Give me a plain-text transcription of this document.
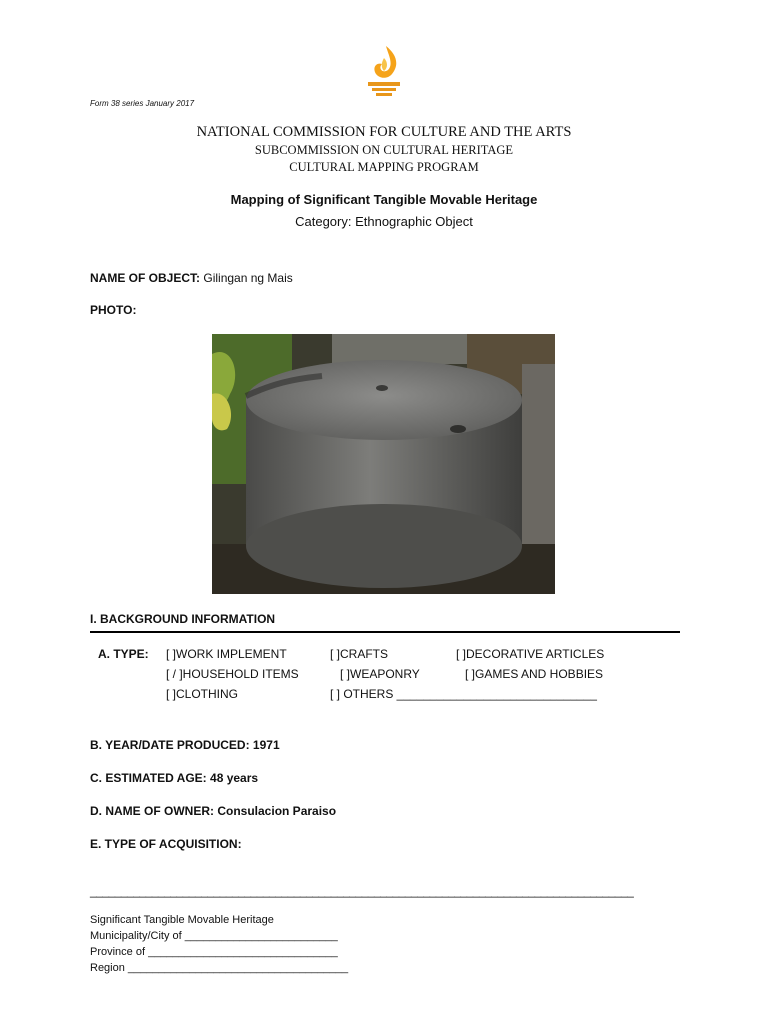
Form 38 series January 2017
NATIONAL COMMISSION FOR CULTURE AND THE ARTS
SUBCOMMISSION ON CULTURAL HERITAGE
CULTURAL MAPPING PROGRAM
Mapping of Significant Tangible Movable Heritage
Category: Ethnographic Object
NAME OF OBJECT: Gilingan ng Mais
PHOTO:
I. BACKGROUND INFORMATION
A. TYPE: [ ]WORK IMPLEMENT	[ ]CRAFTS	[ ]DECORATIVE ARTICLES
[ / ]HOUSEHOLD ITEMS	[ ]WEAPONRY	[ ]GAMES AND HOBBIES
[ ]CLOTHING	[ ] OTHERS ______________________________
B. YEAR/DATE PRODUCED: 1971
C. ESTIMATED AGE: 48 years
D. NAME OF OWNER: Consulacion Paraiso
E. TYPE OF ACQUISITION:
________________________________________________________________________________________
Significant Tangible Movable Heritage
Municipality/City of _________________________
Province of _______________________________
Region ____________________________________
